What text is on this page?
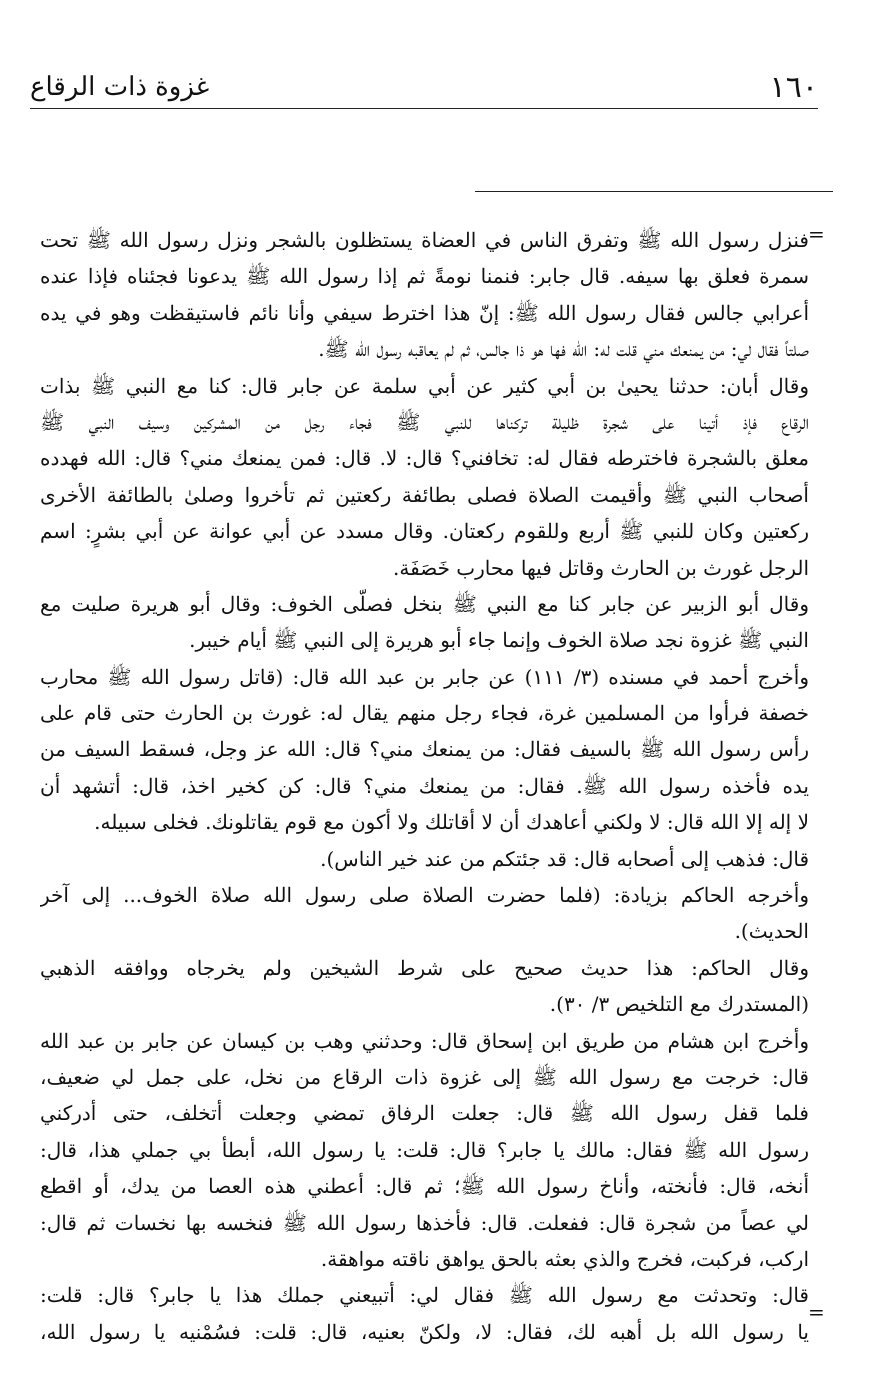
١٦٠
غزوة ذات الرقاع
=
=
فنزل رسول الله ﷺ وتفرق الناس في العضاة يستظلون بالشجر ونزل رسول الله ﷺ تحت
سمرة فعلق بها سيفه. قال جابر: فنمنا نومةً ثم إذا رسول الله ﷺ يدعونا فجئناه فإذا عنده
أعرابي جالس فقال رسول الله ﷺ: إنّ هذا اخترط سيفي وأنا نائم فاستيقظت وهو في يده
صلتاً فقال لي: من يمنعك مني قلت له: الله فها هو ذا جالس، ثم لم يعاقبه رسول الله ﷺ.
وقال أبان: حدثنا يحيىٰ بن أبي كثير عن أبي سلمة عن جابر قال: كنا مع النبي ﷺ بذات
الرقاع فإذ أتينا على شجرة ظليلة تركناها للنبي ﷺ فجاء رجل من المشركين وسيف النبي ﷺ
معلق بالشجرة فاخترطه فقال له: تخافني؟ قال: لا. قال: فمن يمنعك مني؟ قال: الله فهدده
أصحاب النبي ﷺ وأقيمت الصلاة فصلى بطائفة ركعتين ثم تأخروا وصلىٰ بالطائفة الأخرى
ركعتين وكان للنبي ﷺ أربع وللقوم ركعتان. وقال مسدد عن أبي عوانة عن أبي بشرٍ: اسم
الرجل غورث بن الحارث وقاتل فيها محارب خَصَفَة.
وقال أبو الزبير عن جابر كنا مع النبي ﷺ بنخل فصلّى الخوف: وقال أبو هريرة صليت مع
النبي ﷺ غزوة نجد صلاة الخوف وإنما جاء أبو هريرة إلى النبي ﷺ أيام خيبر.
وأخرج أحمد في مسنده (٣/ ١١١) عن جابر بن عبد الله قال: (قاتل رسول الله ﷺ محارب
خصفة فرأوا من المسلمين غرة، فجاء رجل منهم يقال له: غورث بن الحارث حتى قام على
رأس رسول الله ﷺ بالسيف فقال: من يمنعك مني؟ قال: الله عز وجل، فسقط السيف من
يده فأخذه رسول الله ﷺ. فقال: من يمنعك مني؟ قال: كن كخير اخذ، قال: أتشهد أن
لا إله إلا الله قال: لا ولكني أعاهدك أن لا أقاتلك ولا أكون مع قوم يقاتلونك. فخلى سبيله.
قال: فذهب إلى أصحابه قال: قد جئتكم من عند خير الناس).
وأخرجه الحاكم بزيادة: (فلما حضرت الصلاة صلى رسول الله صلاة الخوف... إلى آخر
الحديث).
وقال الحاكم: هذا حديث صحيح على شرط الشيخين ولم يخرجاه ووافقه الذهبي
(المستدرك مع التلخيص ٣/ ٣٠).
وأخرج ابن هشام من طريق ابن إسحاق قال: وحدثني وهب بن كيسان عن جابر بن عبد الله
قال: خرجت مع رسول الله ﷺ إلى غزوة ذات الرقاع من نخل، على جمل لي ضعيف،
فلما قفل رسول الله ﷺ قال: جعلت الرفاق تمضي وجعلت أتخلف، حتى أدركني
رسول الله ﷺ فقال: مالك يا جابر؟ قال: قلت: يا رسول الله، أبطأ بي جملي هذا، قال:
أنخه، قال: فأنخته، وأناخ رسول الله ﷺ؛ ثم قال: أعطني هذه العصا من يدك، أو اقطع
لي عصاً من شجرة قال: ففعلت. قال: فأخذها رسول الله ﷺ فنخسه بها نخسات ثم قال:
اركب، فركبت، فخرج والذي بعثه بالحق يواهق ناقته مواهقة.
قال: وتحدثت مع رسول الله ﷺ فقال لي: أتبيعني جملك هذا يا جابر؟ قال: قلت:
يا رسول الله بل أهبه لك، فقال: لا، ولكنّ بعنيه، قال: قلت: فسُمْنيه يا رسول الله،
